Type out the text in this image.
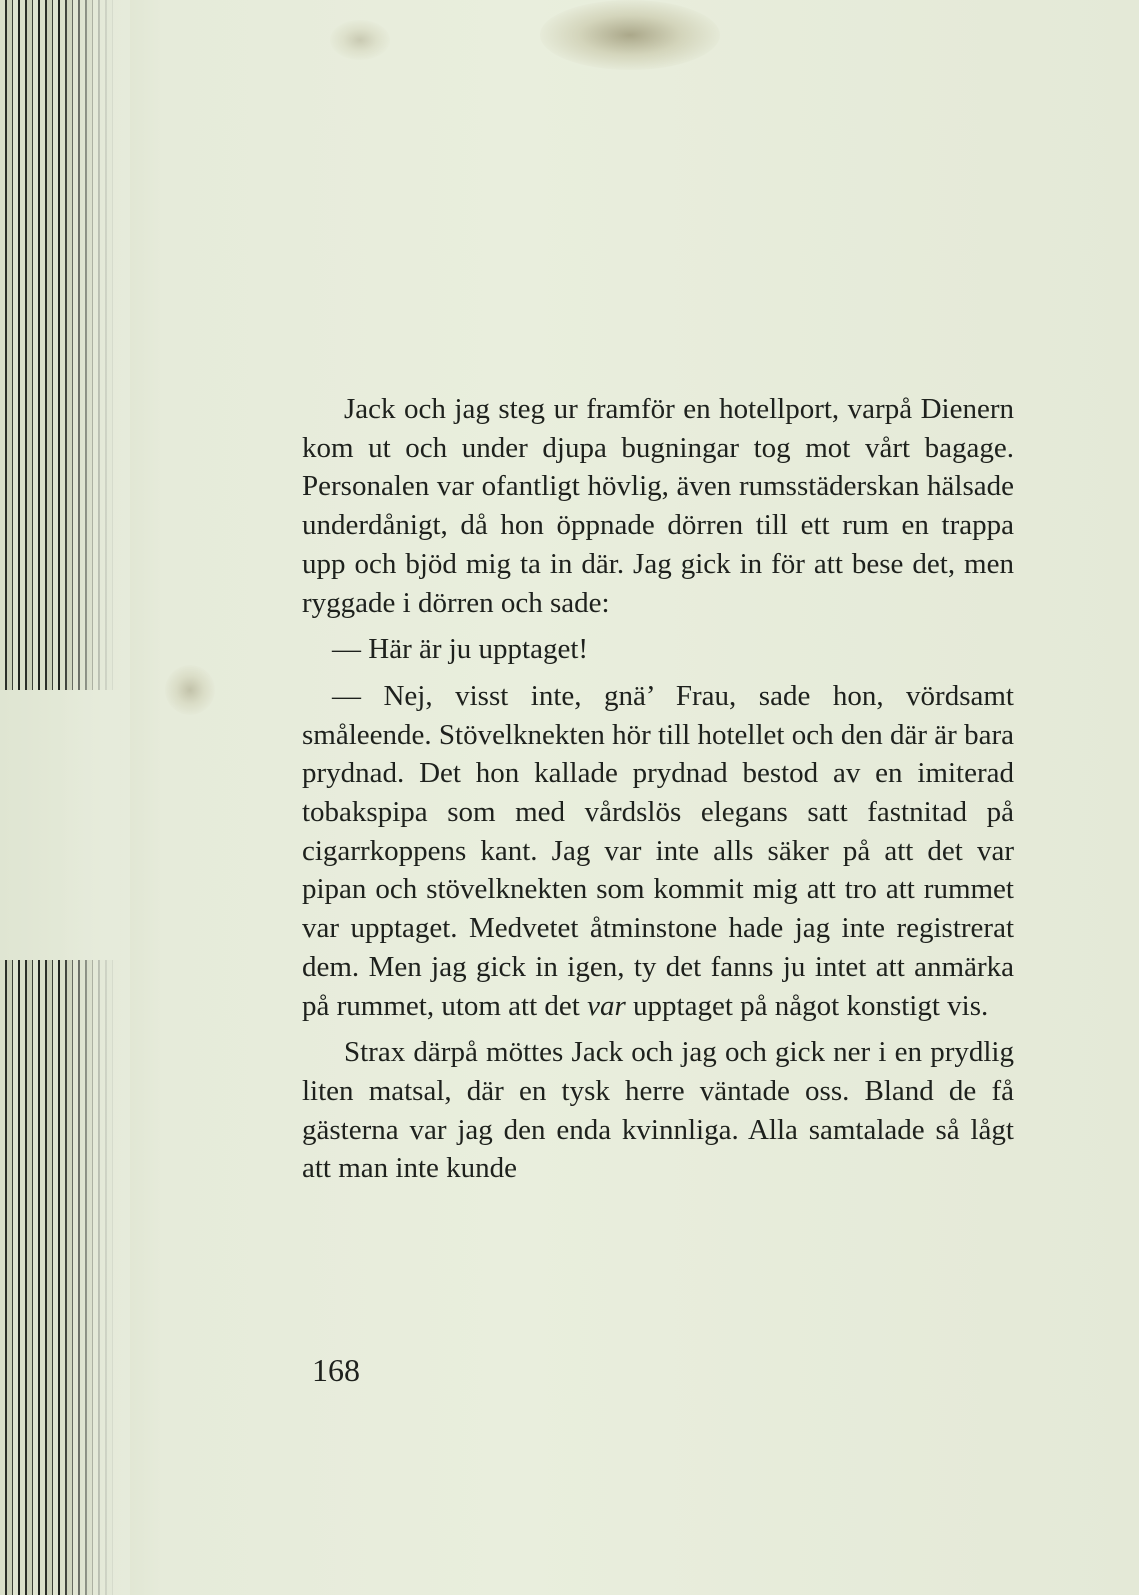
Jack och jag steg ur framför en hotellport, varpå Dienern kom ut och under djupa bugningar tog mot vårt bagage. Personalen var ofantligt hövlig, även rumsstäderskan hälsade underdånigt, då hon öppnade dörren till ett rum en trappa upp och bjöd mig ta in där. Jag gick in för att bese det, men ryggade i dörren och sade:

— Här är ju upptaget!

— Nej, visst inte, gnä’ Frau, sade hon, vördsamt småleende. Stövelknekten hör till hotellet och den där är bara prydnad. Det hon kallade prydnad bestod av en imiterad tobakspipa som med vårdslös elegans satt fastnitad på cigarrkoppens kant. Jag var inte alls säker på att det var pipan och stövelknekten som kommit mig att tro att rummet var upptaget. Medvetet åtminstone hade jag inte registrerat dem. Men jag gick in igen, ty det fanns ju intet att anmärka på rummet, utom att det var upptaget på något konstigt vis.

Strax därpå möttes Jack och jag och gick ner i en prydlig liten matsal, där en tysk herre väntade oss. Bland de få gästerna var jag den enda kvinnliga. Alla samtalade så lågt att man inte kunde

168
